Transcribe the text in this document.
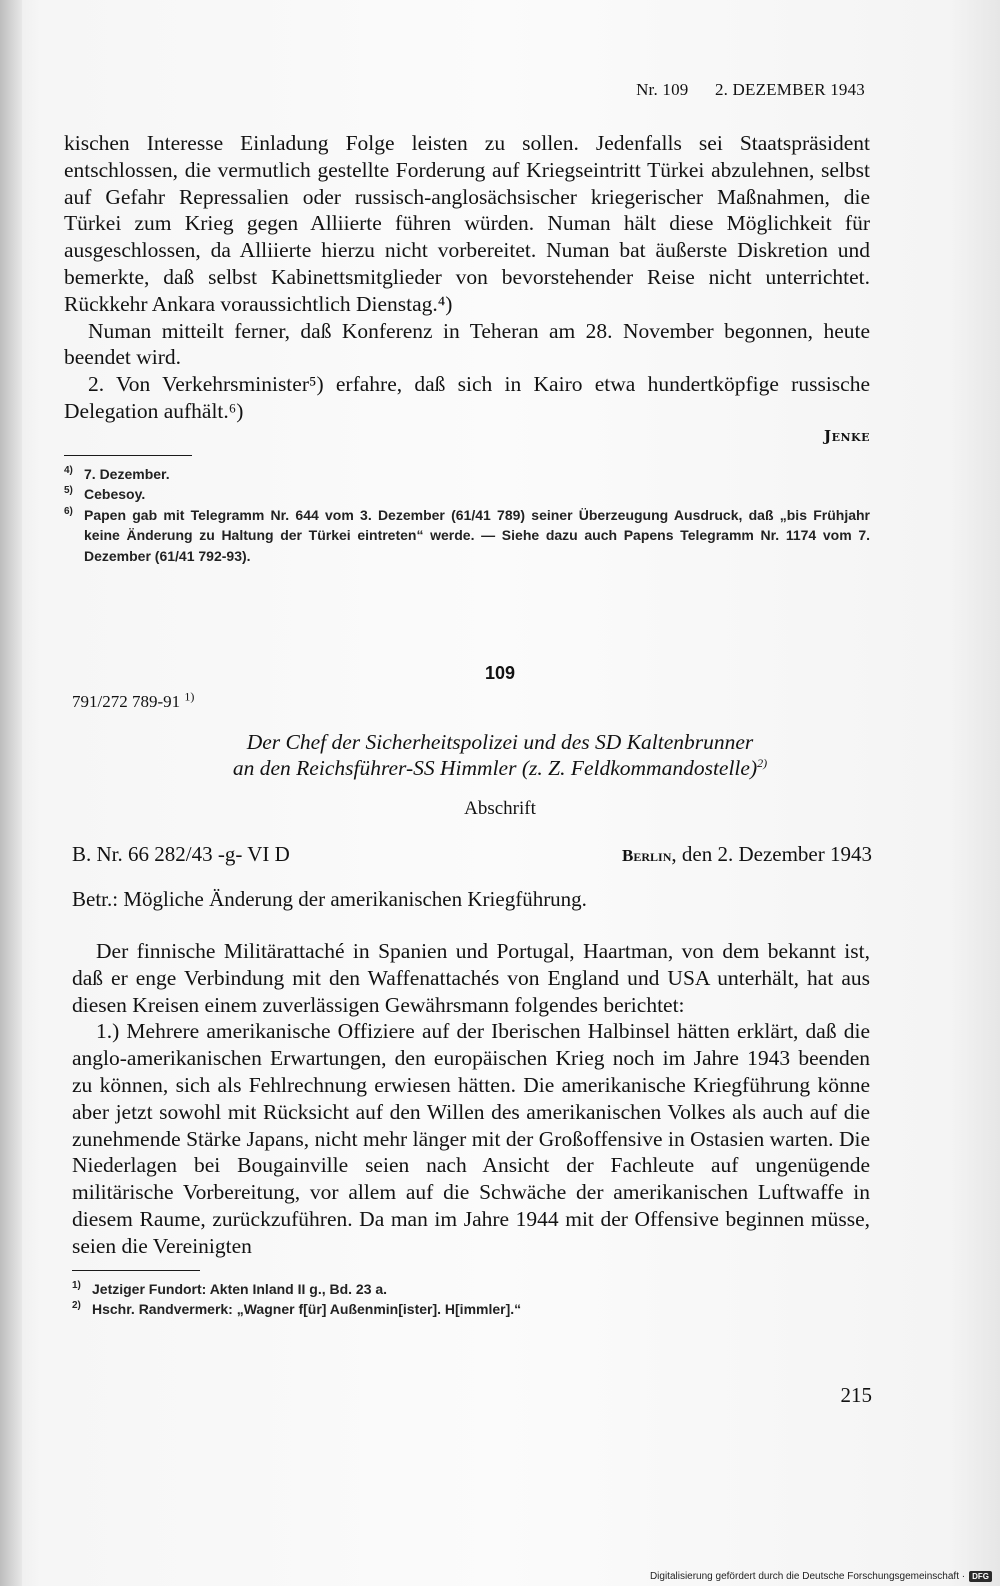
Nr. 109 2. DEZEMBER 1943

kischen Interesse Einladung Folge leisten zu sollen. Jedenfalls sei Staatspräsident entschlossen, die vermutlich gestellte Forderung auf Kriegseintritt Türkei abzulehnen, selbst auf Gefahr Repressalien oder russisch-anglosächsischer kriegerischer Maßnahmen, die Türkei zum Krieg gegen Alliierte führen würden. Numan hält diese Möglichkeit für ausgeschlossen, da Alliierte hierzu nicht vorbereitet. Numan bat äußerste Diskretion und bemerkte, daß selbst Kabinettsmitglieder von bevorstehender Reise nicht unterrichtet. Rückkehr Ankara voraussichtlich Dienstag.⁴)

Numan mitteilt ferner, daß Konferenz in Teheran am 28. November begonnen, heute beendet wird.

2. Von Verkehrsminister⁵) erfahre, daß sich in Kairo etwa hundertköpfige russische Delegation aufhält.⁶)

Jenke
4) 7. Dezember.
5) Cebesoy.
6) Papen gab mit Telegramm Nr. 644 vom 3. Dezember (61/41 789) seiner Überzeugung Ausdruck, daß „bis Frühjahr keine Änderung zu Haltung der Türkei eintreten“ werde. — Siehe dazu auch Papens Telegramm Nr. 1174 vom 7. Dezember (61/41 792-93).
109
791/272 789-91 $^{1)}$
Der Chef der Sicherheitspolizei und des SD Kaltenbrunner
an den Reichsführer-SS Himmler (z. Z. Feldkommandostelle)$^{2)}$
Abschrift
B. Nr. 66 282/43 -g- VI D	Berlin, den 2. Dezember 1943
Betr.: Mögliche Änderung der amerikanischen Kriegführung.

Der finnische Militärattaché in Spanien und Portugal, Haartman, von dem bekannt ist, daß er enge Verbindung mit den Waffenattachés von England und USA unterhält, hat aus diesen Kreisen einem zuverlässigen Gewährsmann folgendes berichtet:

1.) Mehrere amerikanische Offiziere auf der Iberischen Halbinsel hätten erklärt, daß die anglo-amerikanischen Erwartungen, den europäischen Krieg noch im Jahre 1943 beenden zu können, sich als Fehlrechnung erwiesen hätten. Die amerikanische Kriegführung könne aber jetzt sowohl mit Rücksicht auf den Willen des amerikanischen Volkes als auch auf die zunehmende Stärke Japans, nicht mehr länger mit der Großoffensive in Ostasien warten. Die Niederlagen bei Bougainville seien nach Ansicht der Fachleute auf ungenügende militärische Vorbereitung, vor allem auf die Schwäche der amerikanischen Luftwaffe in diesem Raume, zurückzuführen. Da man im Jahre 1944 mit der Offensive beginnen müsse, seien die Vereinigten

1) Jetziger Fundort: Akten Inland II g., Bd. 23 a.
2) Hschr. Randvermerk: „Wagner f[ür] Außenmin[ister]. H[immler].“
215
Digitalisierung gefördert durch die Deutsche Forschungsgemeinschaft · DFG
